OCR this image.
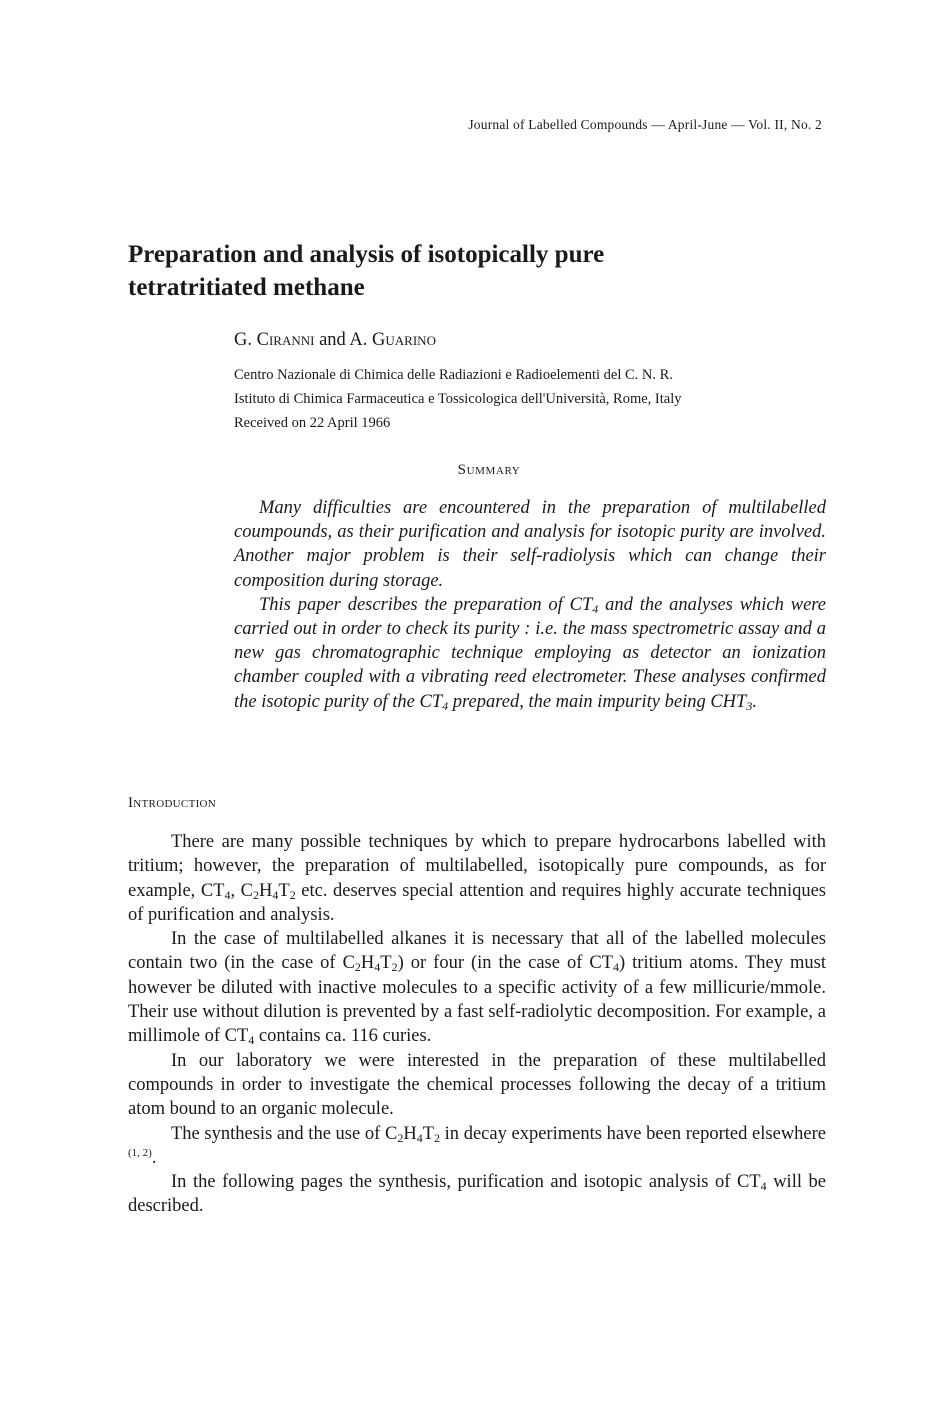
Journal of Labelled Compounds — April-June — Vol. II, No. 2
Preparation and analysis of isotopically pure
tetratritiated methane
G. Ciranni and A. Guarino
Centro Nazionale di Chimica delle Radiazioni e Radioelementi del C. N. R.
Istituto di Chimica Farmaceutica e Tossicologica dell'Università, Rome, Italy
Received on 22 April 1966
Summary

Many difficulties are encountered in the preparation of multilabelled coumpounds, as their purification and analysis for isotopic purity are involved. Another major problem is their self-radiolysis which can change their composition during storage.

This paper describes the preparation of $CT_4$ and the analyses which were carried out in order to check its purity : i.e. the mass spectrometric assay and a new gas chromatographic technique employing as detector an ionization chamber coupled with a vibrating reed electrometer. These analyses confirmed the isotopic purity of the $CT_4$ prepared, the main impurity being $CHT_3$.

Introduction

There are many possible techniques by which to prepare hydrocarbons labelled with tritium; however, the preparation of multilabelled, isotopically pure compounds, as for example, $CT_4$, $C_2H_4T_2$ etc. deserves special attention and requires highly accurate techniques of purification and analysis.

In the case of multilabelled alkanes it is necessary that all of the labelled molecules contain two (in the case of $C_2H_4T_2$) or four (in the case of $CT_4$) tritium atoms. They must however be diluted with inactive molecules to a specific activity of a few millicurie/mmole. Their use without dilution is prevented by a fast self-radiolytic decomposition. For example, a millimole of $CT_4$ contains ca. 116 curies.

In our laboratory we were interested in the preparation of these multilabelled compounds in order to investigate the chemical processes following the decay of a tritium atom bound to an organic molecule.

The synthesis and the use of $C_2H_4T_2$ in decay experiments have been reported elsewhere $^{(1, 2)}$.

In the following pages the synthesis, purification and isotopic analysis of $CT_4$ will be described.
